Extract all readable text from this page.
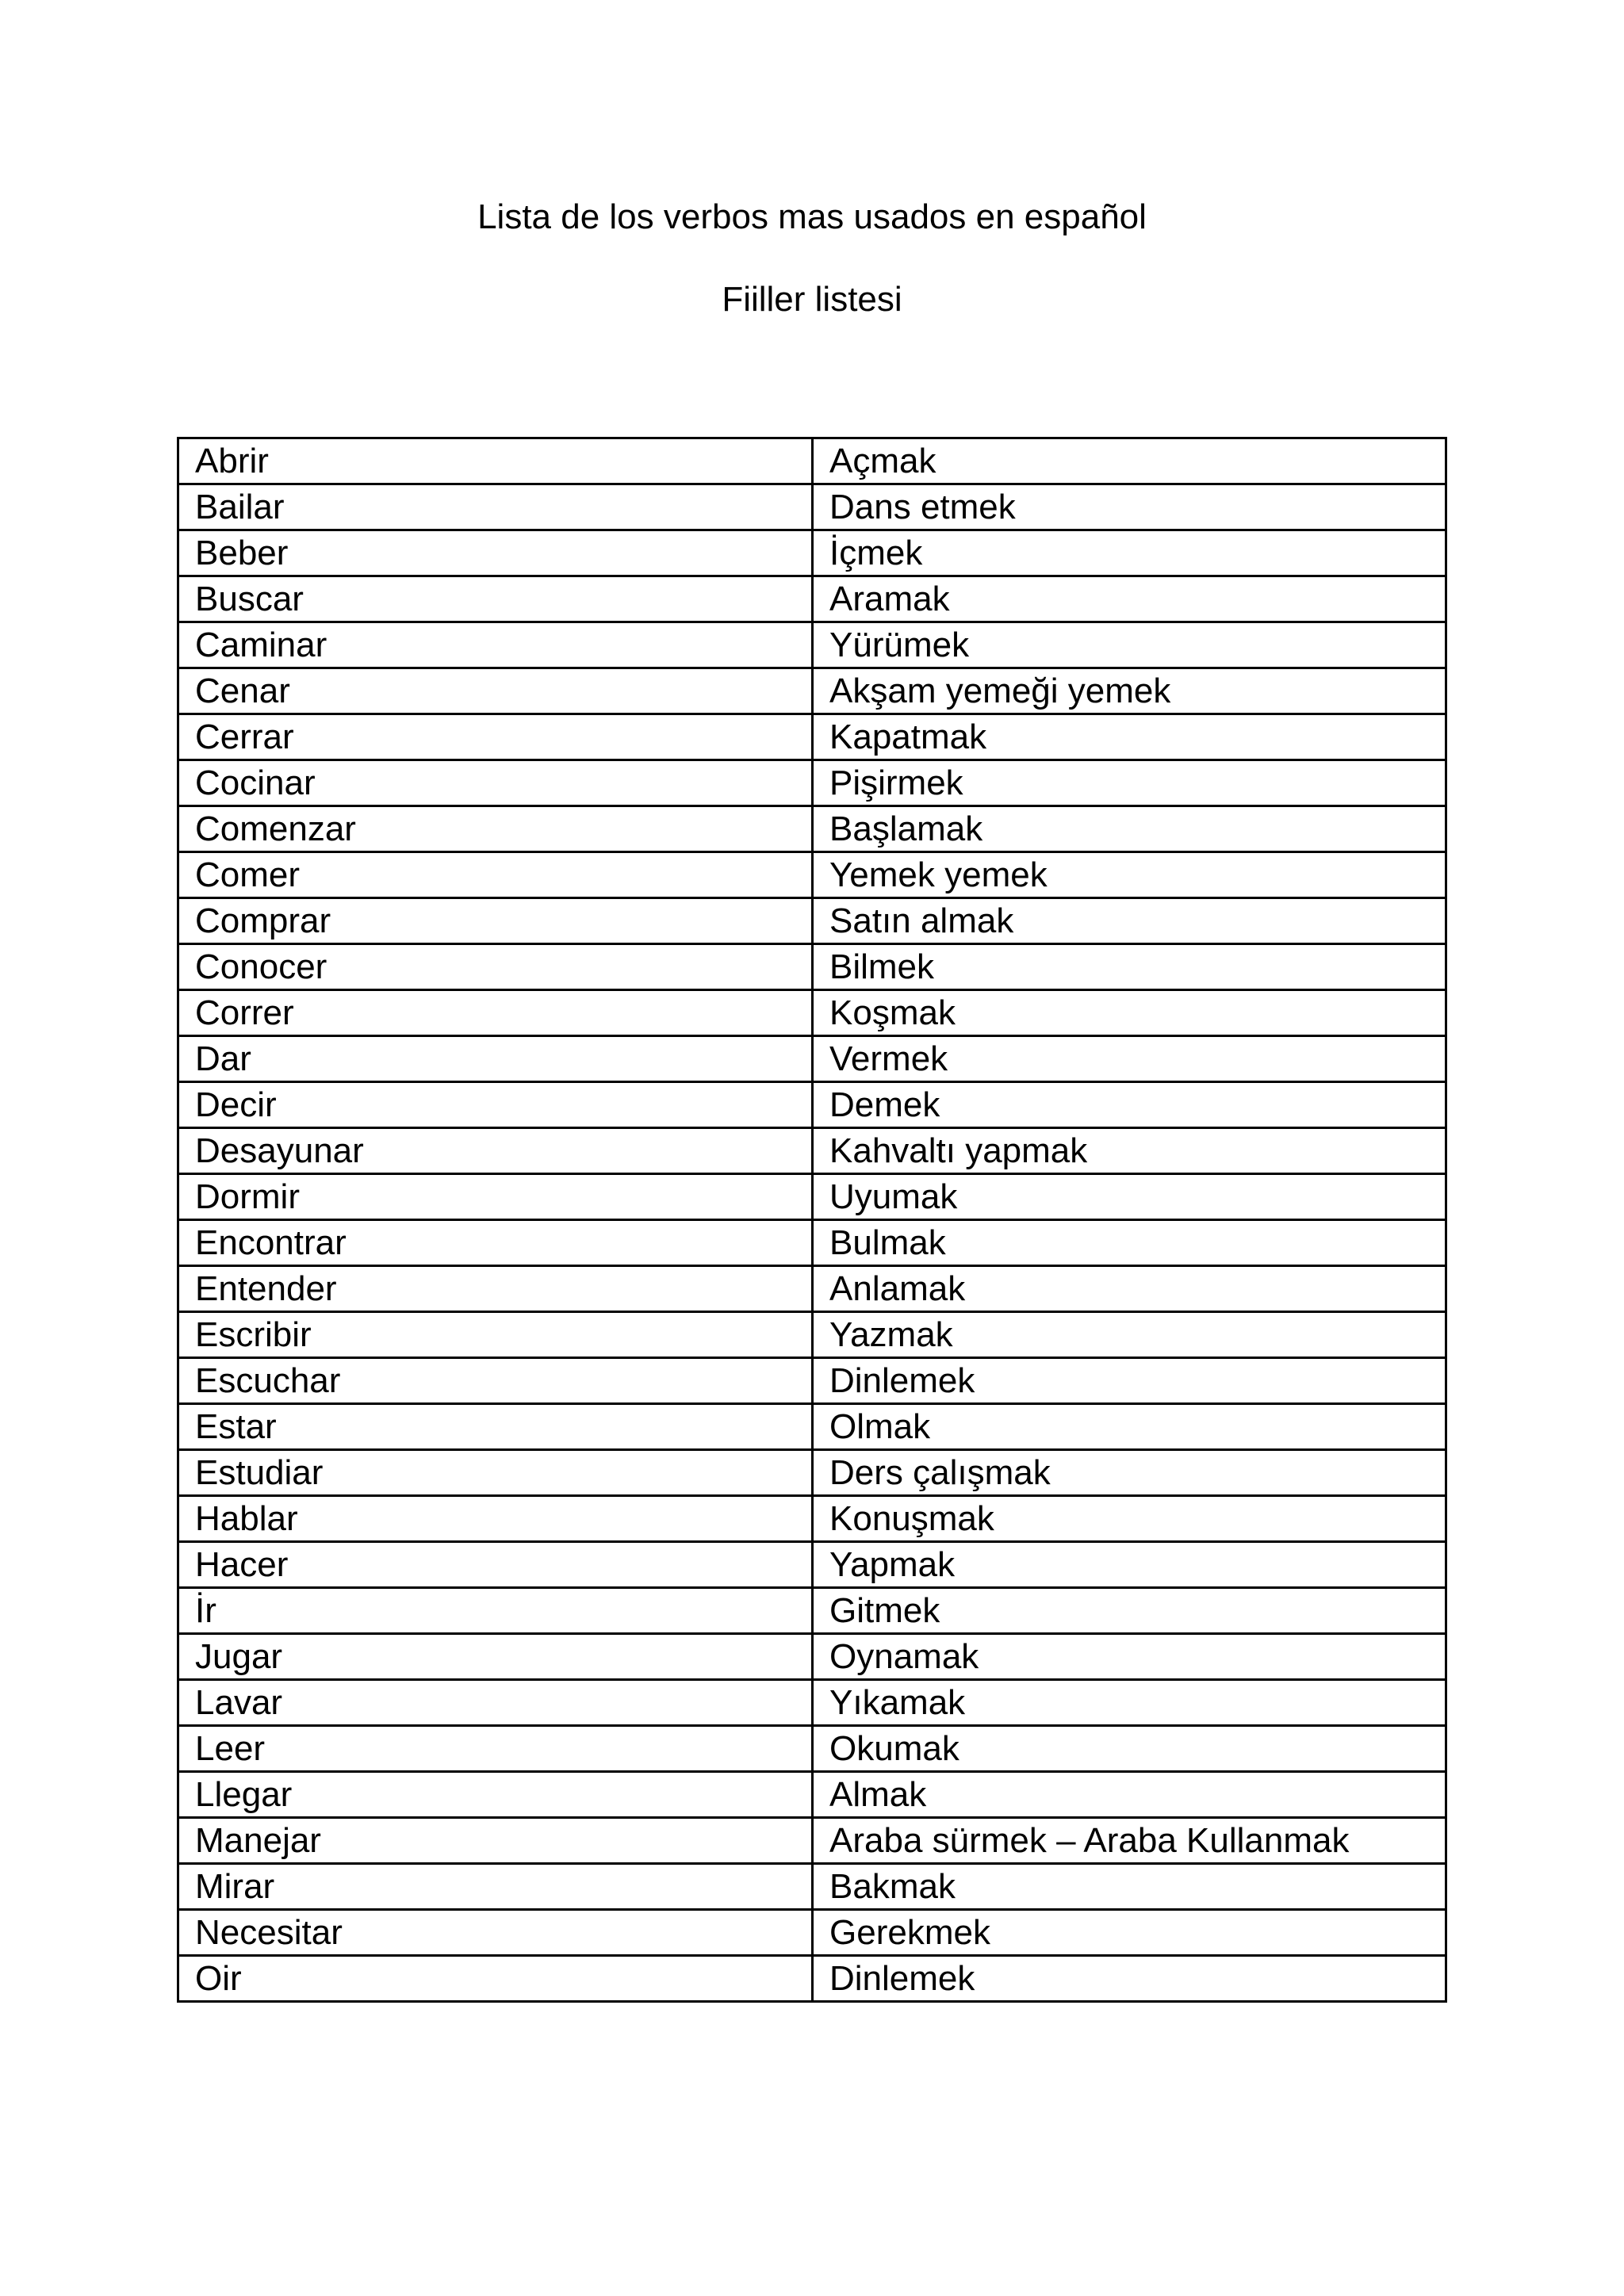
Lista de los verbos mas usados en español
Fiiller listesi
Abrir	Açmak
Bailar	Dans etmek
Beber	İçmek
Buscar	Aramak
Caminar	Yürümek
Cenar	Akşam yemeği yemek
Cerrar	Kapatmak
Cocinar	Pişirmek
Comenzar	Başlamak
Comer	Yemek yemek
Comprar	Satın almak
Conocer	Bilmek
Correr	Koşmak
Dar	Vermek
Decir	Demek
Desayunar	Kahvaltı yapmak
Dormir	Uyumak
Encontrar	Bulmak
Entender	Anlamak
Escribir	Yazmak
Escuchar	Dinlemek
Estar	Olmak
Estudiar	Ders çalışmak
Hablar	Konuşmak
Hacer	Yapmak
İr	Gitmek
Jugar	Oynamak
Lavar	Yıkamak
Leer	Okumak
Llegar	Almak
Manejar	Araba sürmek – Araba Kullanmak
Mirar	Bakmak
Necesitar	Gerekmek
Oir	Dinlemek
